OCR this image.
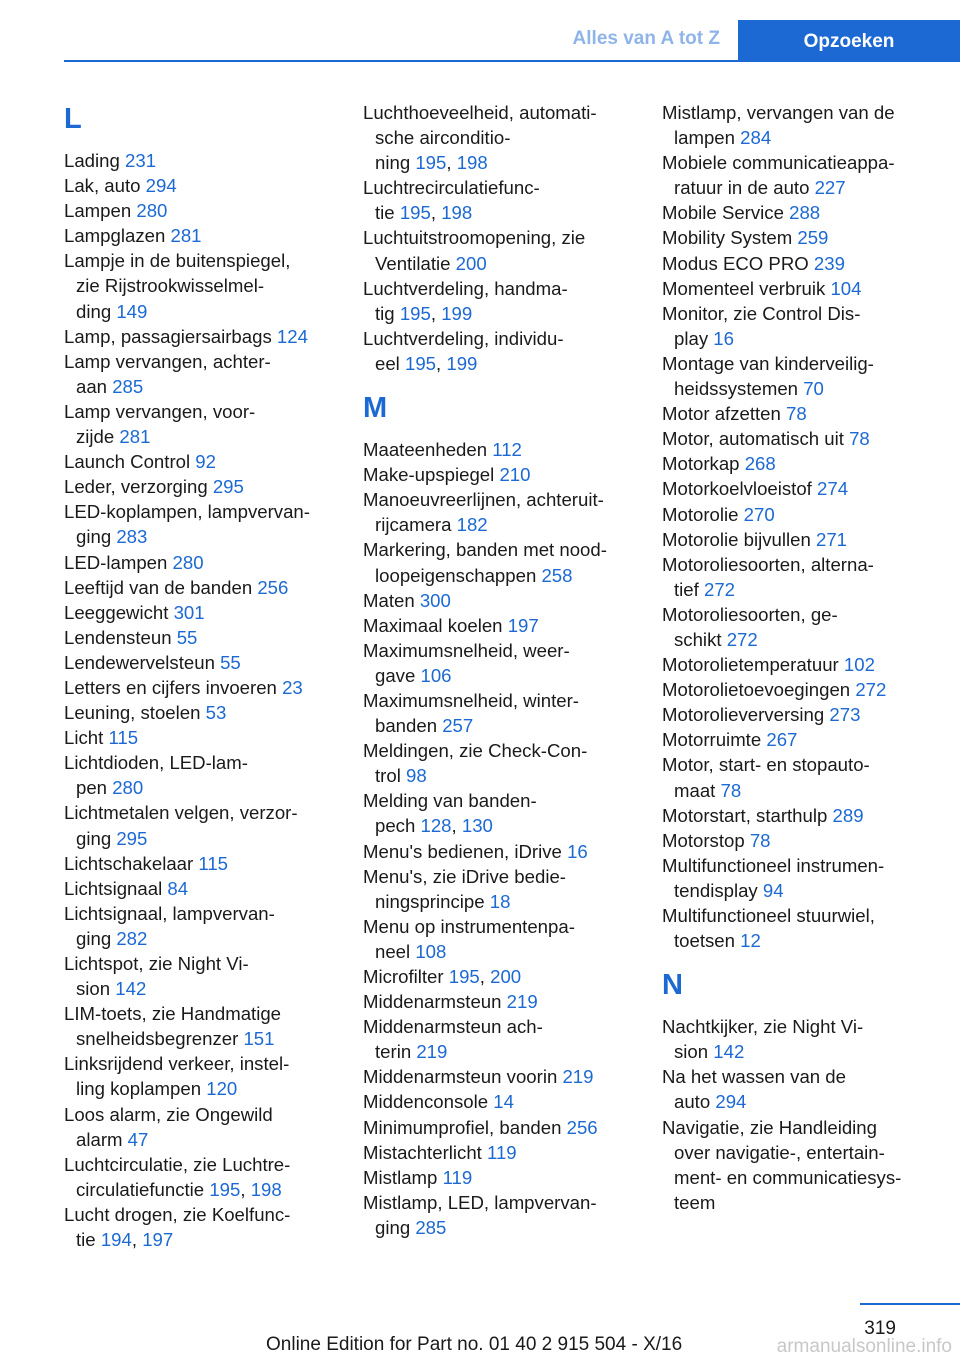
Alles van A tot Z	Opzoeken
L
Lading 231
Lak, auto 294
Lampen 280
Lampglazen 281
Lampje in de buitenspiegel,
zie Rijstrookwisselmel-
ding 149
Lamp, passagiersairbags 124
Lamp vervangen, achter-
aan 285
Lamp vervangen, voor-
zijde 281
Launch Control 92
Leder, verzorging 295
LED-koplampen, lampvervan-
ging 283
LED-lampen 280
Leeftijd van de banden 256
Leeggewicht 301
Lendensteun 55
Lendewervelsteun 55
Letters en cijfers invoeren 23
Leuning, stoelen 53
Licht 115
Lichtdioden, LED-lam-
pen 280
Lichtmetalen velgen, verzor-
ging 295
Lichtschakelaar 115
Lichtsignaal 84
Lichtsignaal, lampvervan-
ging 282
Lichtspot, zie Night Vi-
sion 142
LIM-toets, zie Handmatige
snelheidsbegrenzer 151
Linksrijdend verkeer, instel-
ling koplampen 120
Loos alarm, zie Ongewild
alarm 47
Luchtcirculatie, zie Luchtre-
circulatiefunctie 195, 198
Lucht drogen, zie Koelfunc-
tie 194, 197
Luchthoeveelheid, automati-
sche airconditio-
ning 195, 198
Luchtrecirculatiefunc-
tie 195, 198
Luchtuitstroomopening, zie
Ventilatie 200
Luchtverdeling, handma-
tig 195, 199
Luchtverdeling, individu-
eel 195, 199
M
Maateenheden 112
Make-upspiegel 210
Manoeuvreerlijnen, achteruit-
rijcamera 182
Markering, banden met nood-
loopeigenschappen 258
Maten 300
Maximaal koelen 197
Maximumsnelheid, weer-
gave 106
Maximumsnelheid, winter-
banden 257
Meldingen, zie Check-Con-
trol 98
Melding van banden-
pech 128, 130
Menu's bedienen, iDrive 16
Menu's, zie iDrive bedie-
ningsprincipe 18
Menu op instrumentenpa-
neel 108
Microfilter 195, 200
Middenarmsteun 219
Middenarmsteun ach-
terin 219
Middenarmsteun voorin 219
Middenconsole 14
Minimumprofiel, banden 256
Mistachterlicht 119
Mistlamp 119
Mistlamp, LED, lampvervan-
ging 285
Mistlamp, vervangen van de
lampen 284
Mobiele communicatieappa-
ratuur in de auto 227
Mobile Service 288
Mobility System 259
Modus ECO PRO 239
Momenteel verbruik 104
Monitor, zie Control Dis-
play 16
Montage van kinderveilig-
heidssystemen 70
Motor afzetten 78
Motor, automatisch uit 78
Motorkap 268
Motorkoelvloeistof 274
Motorolie 270
Motorolie bijvullen 271
Motoroliesoorten, alterna-
tief 272
Motoroliesoorten, ge-
schikt 272
Motorolietemperatuur 102
Motorolietoevoegingen 272
Motorolieverversing 273
Motorruimte 267
Motor, start- en stopauto-
maat 78
Motorstart, starthulp 289
Motorstop 78
Multifunctioneel instrumen-
tendisplay 94
Multifunctioneel stuurwiel,
toetsen 12
N
Nachtkijker, zie Night Vi-
sion 142
Na het wassen van de
auto 294
Navigatie, zie Handleiding
over navigatie-, entertain-
ment- en communicatiesys-
teem
319
Online Edition for Part no. 01 40 2 915 504 - X/16	armanualsonline.info
